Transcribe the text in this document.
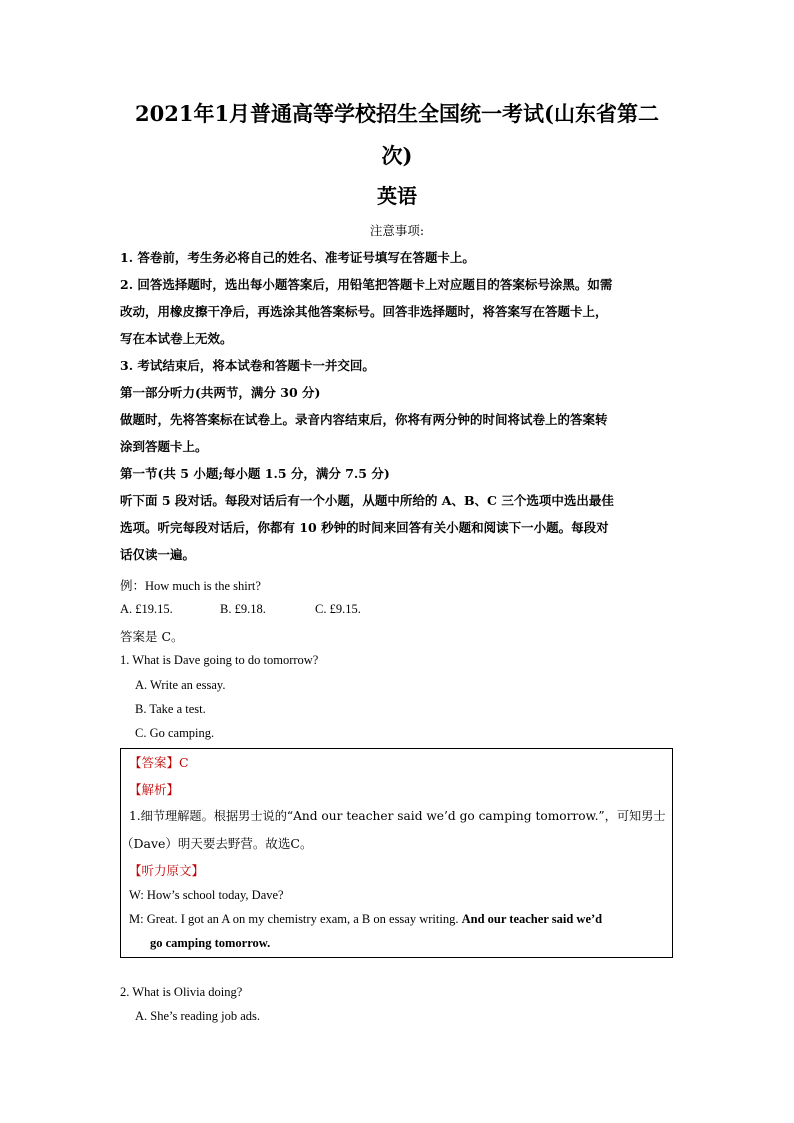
2021年1月普通高等学校招生全国统一考试(山东省第二
次)
英语
注意事项:
1. 答卷前，考生务必将自己的姓名、准考证号填写在答题卡上。
2. 回答选择题时，选出每小题答案后，用铅笔把答题卡上对应题目的答案标号涂黑。如需
改动，用橡皮擦干净后，再选涂其他答案标号。回答非选择题时，将答案写在答题卡上，
写在本试卷上无效。
3. 考试结束后，将本试卷和答题卡一并交回。
第一部分听力(共两节，满分 30 分)
做题时，先将答案标在试卷上。录音内容结束后，你将有两分钟的时间将试卷上的答案转
涂到答题卡上。
第一节(共 5 小题;每小题 1.5 分，满分 7.5 分)
听下面 5 段对话。每段对话后有一个小题，从题中所给的 A、B、C 三个选项中选出最佳
选项。听完每段对话后，你都有 10 秒钟的时间来回答有关小题和阅读下一小题。每段对
话仅读一遍。
例：How much is the shirt?
A. £19.15.	B. £9.18.	C. £9.15.
答案是 C。
1. What is Dave going to do tomorrow?
A. Write an essay.
B. Take a test.
C. Go camping.
【答案】C
【解析】
1.细节理解题。根据男士说的“And our teacher said we’d go camping tomorrow.”，可知男士
（Dave）明天要去野营。故选C。
【听力原文】
W: How’s school today, Dave?
M: Great. I got an A on my chemistry exam, a B on essay writing. And our teacher said we’d
go camping tomorrow.
2. What is Olivia doing?
A. She’s reading job ads.
